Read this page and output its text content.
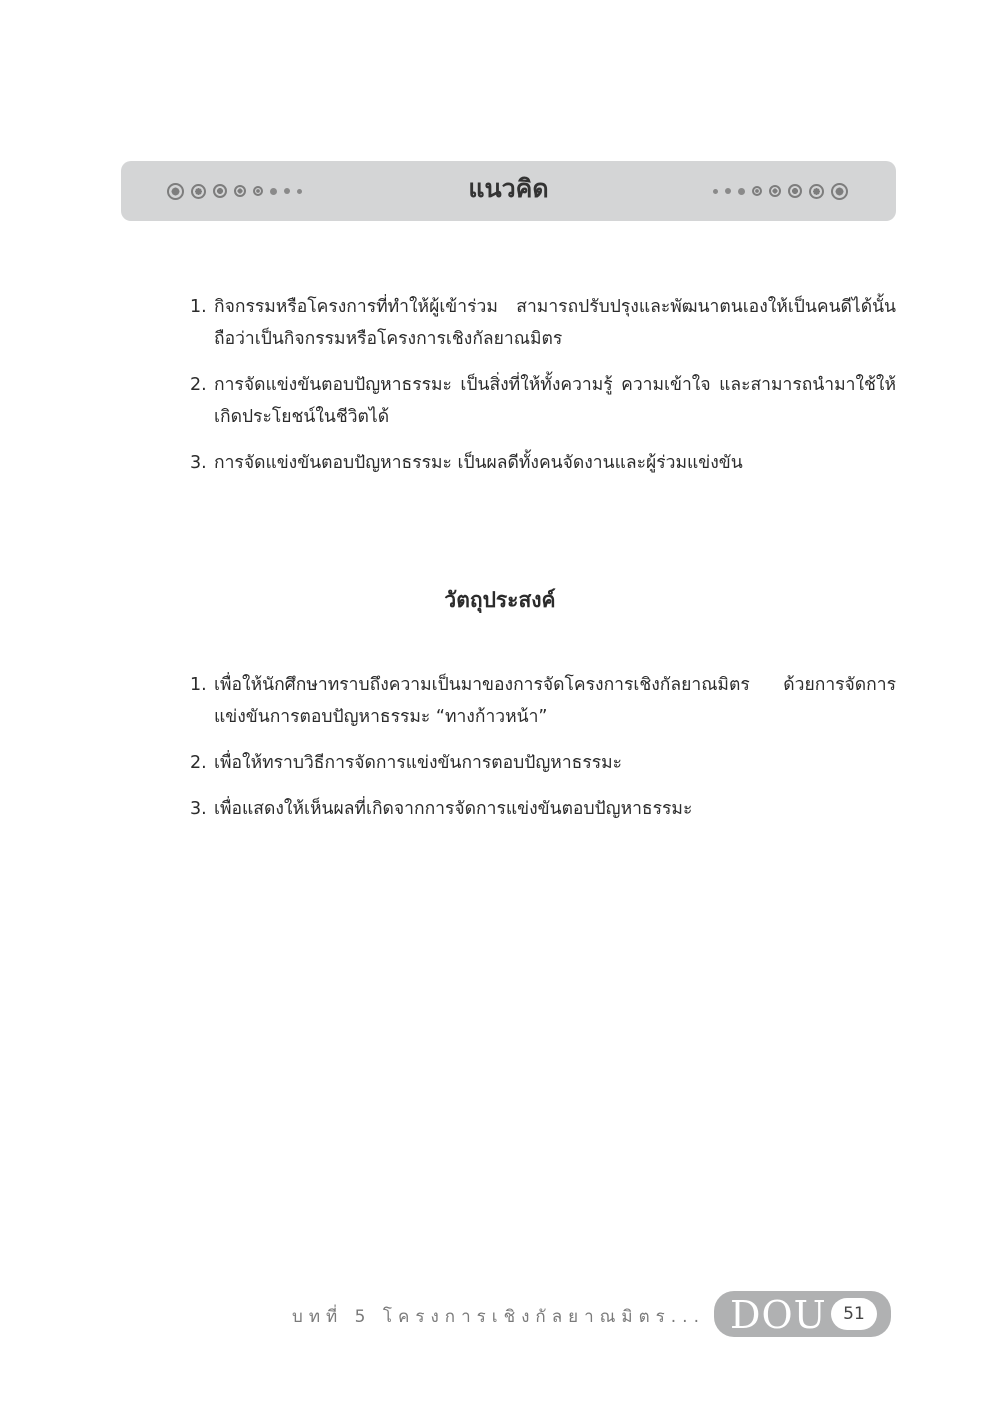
แนวคิด
1. กิจกรรมหรือโครงการที่ทำให้ผู้เข้าร่วม สามารถปรับปรุงและพัฒนาตนเองให้เป็นคนดีได้นั้น ถือว่าเป็นกิจกรรมหรือโครงการเชิงกัลยาณมิตร
2. การจัดแข่งขันตอบปัญหาธรรมะ เป็นสิ่งที่ให้ทั้งความรู้ ความเข้าใจ และสามารถนำมาใช้ให้เกิดประโยชน์ในชีวิตได้
3. การจัดแข่งขันตอบปัญหาธรรมะ เป็นผลดีทั้งคนจัดงานและผู้ร่วมแข่งขัน
วัตถุประสงค์
1. เพื่อให้นักศึกษาทราบถึงความเป็นมาของการจัดโครงการเชิงกัลยาณมิตร ด้วยการจัดการแข่งขันการตอบปัญหาธรรมะ “ทางก้าวหน้า”
2. เพื่อให้ทราบวิธีการจัดการแข่งขันการตอบปัญหาธรรมะ
3. เพื่อแสดงให้เห็นผลที่เกิดจากการจัดการแข่งขันตอบปัญหาธรรมะ
บทที่ 5 โครงการเชิงกัลยาณมิตร... DOU 51
